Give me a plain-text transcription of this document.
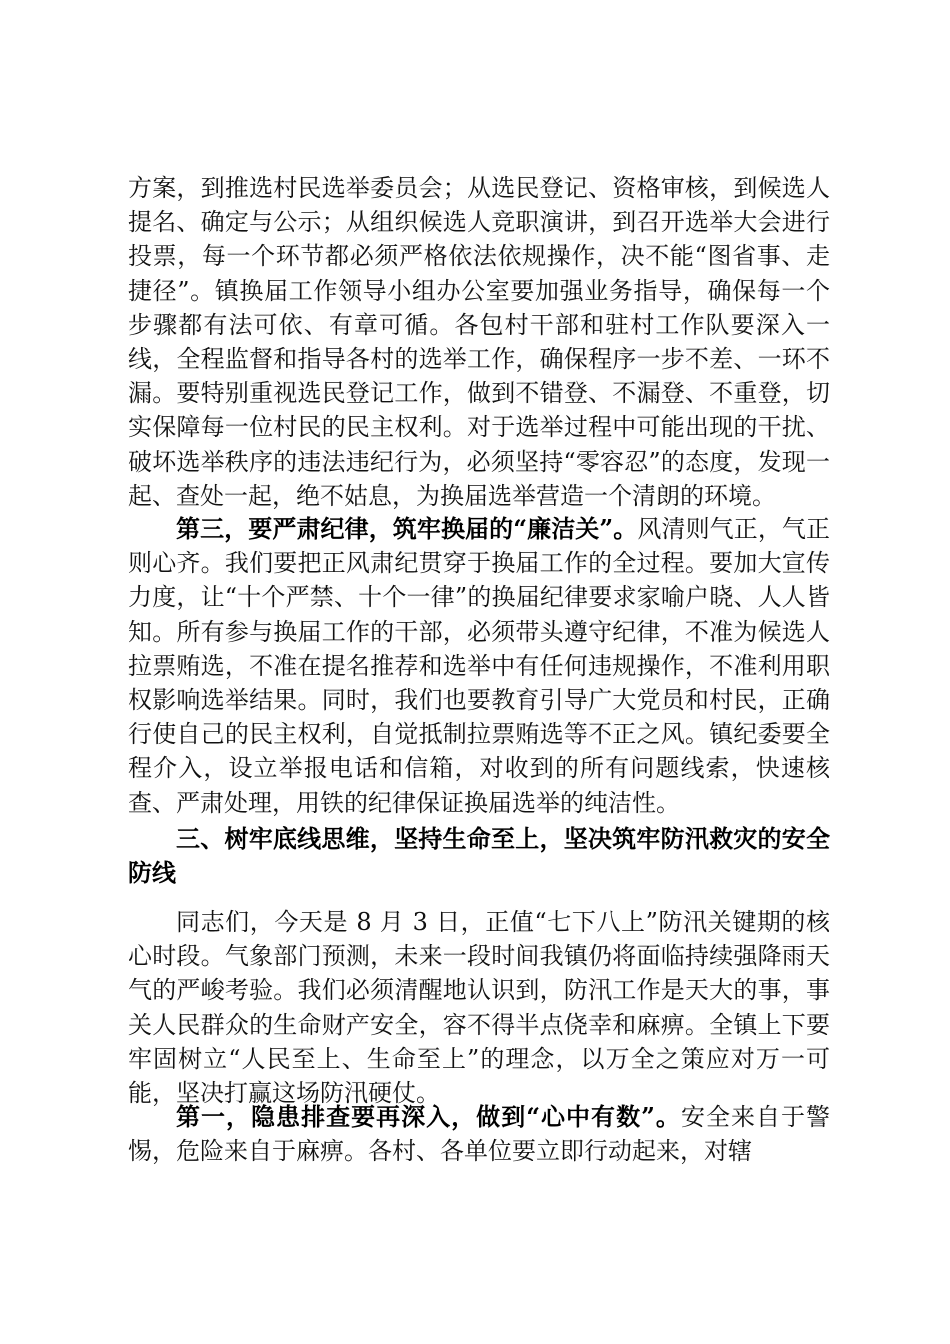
方案，到推选村民选举委员会；从选民登记、资格审核，到候选人提名、确定与公示；从组织候选人竞职演讲，到召开选举大会进行投票，每一个环节都必须严格依法依规操作，决不能“图省事、走捷径”。镇换届工作领导小组办公室要加强业务指导，确保每一个步骤都有法可依、有章可循。各包村干部和驻村工作队要深入一线，全程监督和指导各村的选举工作，确保程序一步不差、一环不漏。要特别重视选民登记工作，做到不错登、不漏登、不重登，切实保障每一位村民的民主权利。对于选举过程中可能出现的干扰、破坏选举秩序的违法违纪行为，必须坚持“零容忍”的态度，发现一起、查处一起，绝不姑息，为换届选举营造一个清朗的环境。

第三，要严肃纪律，筑牢换届的“廉洁关”。风清则气正，气正则心齐。我们要把正风肃纪贯穿于换届工作的全过程。要加大宣传力度，让“十个严禁、十个一律”的换届纪律要求家喻户晓、人人皆知。所有参与换届工作的干部，必须带头遵守纪律，不准为候选人拉票贿选，不准在提名推荐和选举中有任何违规操作，不准利用职权影响选举结果。同时，我们也要教育引导广大党员和村民，正确行使自己的民主权利，自觉抵制拉票贿选等不正之风。镇纪委要全程介入，设立举报电话和信箱，对收到的所有问题线索，快速核查、严肃处理，用铁的纪律保证换届选举的纯洁性。

三、树牢底线思维，坚持生命至上，坚决筑牢防汛救灾的安全防线

同志们，今天是 8 月 3 日，正值“七下八上”防汛关键期的核心时段。气象部门预测，未来一段时间我镇仍将面临持续强降雨天气的严峻考验。我们必须清醒地认识到，防汛工作是天大的事，事关人民群众的生命财产安全，容不得半点侥幸和麻痹。全镇上下要牢固树立“人民至上、生命至上”的理念，以万全之策应对万一可能，坚决打赢这场防汛硬仗。

第一，隐患排查要再深入，做到“心中有数”。安全来自于警惕，危险来自于麻痹。各村、各单位要立即行动起来，对辖
